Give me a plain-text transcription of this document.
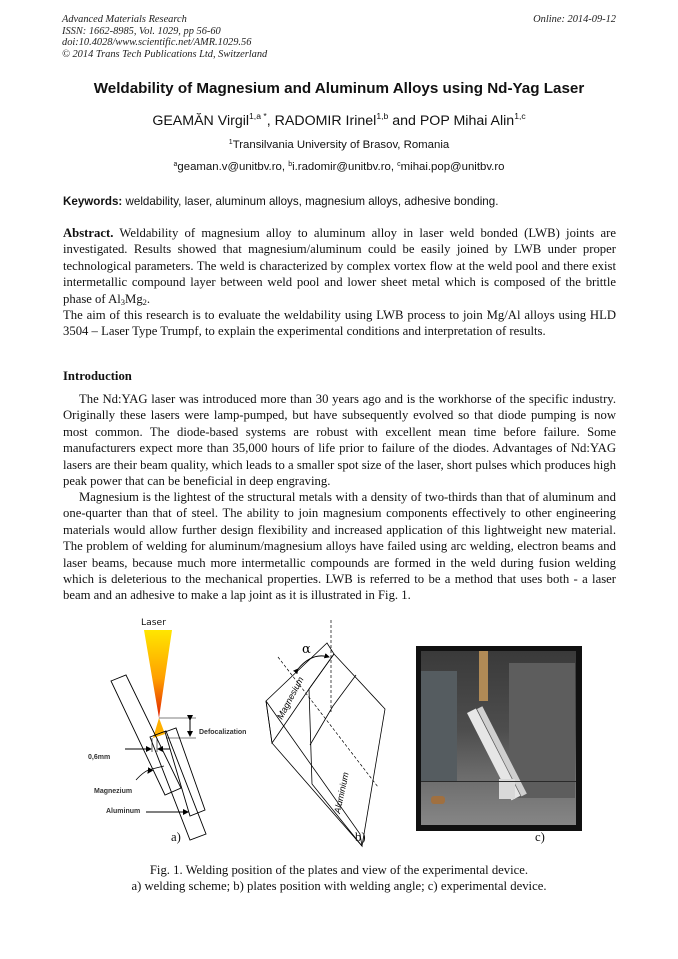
Advanced Materials Research
ISSN: 1662-8985, Vol. 1029, pp 56-60
doi:10.4028/www.scientific.net/AMR.1029.56
© 2014 Trans Tech Publications Ltd, Switzerland
Online: 2014-09-12
Weldability of Magnesium and Aluminum Alloys using Nd-Yag Laser
GEAMĂN Virgil$^{1,a *}$, RADOMIR Irinel$^{1,b}$ and POP Mihai Alin$^{1,c}$
$^1$Transilvania University of Brasov, Romania
$^a$geaman.v@unitbv.ro, $^b$i.radomir@unitbv.ro, $^c$mihai.pop@unitbv.ro
Keywords: weldability, laser, aluminum alloys, magnesium alloys, adhesive bonding.
Abstract. Weldability of magnesium alloy to aluminum alloy in laser weld bonded (LWB) joints are investigated. Results showed that magnesium/aluminum could be easily joined by LWB under proper technological parameters. The weld is characterized by complex vortex flow at the weld pool and there exist intermetallic compound layer between weld pool and lower sheet metal which is composed of the brittle phase of $Al_3Mg_2$.
The aim of this research is to evaluate the weldability using LWB process to join Mg/Al alloys using HLD 3504 – Laser Type Trumpf, to explain the experimental conditions and interpretation of results.
Introduction
The Nd:YAG laser was introduced more than 30 years ago and is the workhorse of the specific industry. Originally these lasers were lamp-pumped, but have subsequently evolved so that diode pumping is now most common. The diode-based systems are robust with excellent mean time before failure. Some manufacturers expect more than 35,000 hours of life prior to failure of the diodes. Advantages of Nd:YAG lasers are their beam quality, which leads to a smaller spot size of the laser, short pulses which produces high peak power that can be beneficial in deep engraving.
Magnesium is the lightest of the structural metals with a density of two-thirds than that of aluminum and one-quarter than that of steel. The ability to join magnesium components effectively to other engineering materials would allow further design flexibility and increased application of this lightweight new material. The problem of welding for aluminum/magnesium alloys have failed using arc welding, electron beams and laser beams, because much more intermetallic compounds are formed in the weld during fusion welding which is deleterious to the mechanical properties. LWB is referred to be a method that uses both - a laser beam and an adhesive to make a lap joint as it is illustrated in Fig. 1.
Magnesium
Aluminium
α
Laser
Defocalization
0,6mm
Magnezium
Aluminum
a)	b)	c)
Fig. 1. Welding position of the plates and view of the experimental device.
a) welding scheme; b) plates position with welding angle; c) experimental device.
